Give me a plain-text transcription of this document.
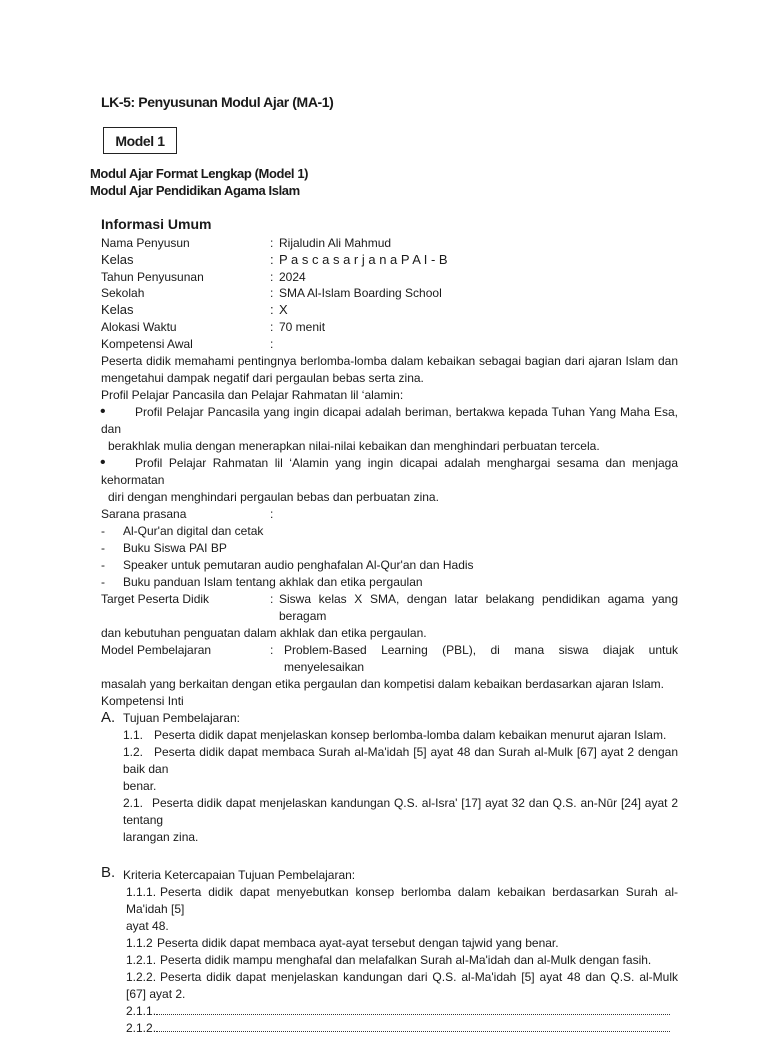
LK-5: Penyusunan Modul Ajar (MA-1)
Model 1
Modul Ajar Format Lengkap (Model 1)
Modul Ajar Pendidikan Agama Islam
Informasi Umum
Nama Penyusun	: Rijaludin Ali Mahmud
Kelas	: P a s c a s a r j a n a P A I - B
Tahun Penyusunan	: 2024
Sekolah	: SMA Al-Islam Boarding School
Kelas	: X
Alokasi Waktu	: 70 menit
Kompetensi Awal	:

Peserta didik memahami pentingnya berlomba-lomba dalam kebaikan sebagai bagian dari ajaran Islam dan mengetahui dampak negatif dari pergaulan bebas serta zina.

Profil Pelajar Pancasila dan Pelajar Rahmatan lil ‘alamin:

•	Profil Pelajar Pancasila yang ingin dicapai adalah beriman, bertakwa kepada Tuhan Yang Maha Esa, dan
berakhlak mulia dengan menerapkan nilai-nilai kebaikan dan menghindari perbuatan tercela.
•	Profil Pelajar Rahmatan lil ‘Alamin yang ingin dicapai adalah menghargai sesama dan menjaga kehormatan
diri dengan menghindari pergaulan bebas dan perbuatan zina.
Sarana prasana	:
- Al-Qur'an digital dan cetak
- Buku Siswa PAI BP
- Speaker untuk pemutaran audio penghafalan Al-Qur'an dan Hadis
- Buku panduan Islam tentang akhlak dan etika pergaulan
Target Peserta Didik	: Siswa kelas X SMA, dengan latar belakang pendidikan agama yang beragam

dan kebutuhan penguatan dalam akhlak dan etika pergaulan.

Model Pembelajaran	: Problem-Based Learning (PBL), di mana siswa diajak untuk menyelesaikan

masalah yang berkaitan dengan etika pergaulan dan kompetisi dalam kebaikan berdasarkan ajaran Islam.

Kompetensi Inti

A. Tujuan Pembelajaran:
1.1. Peserta didik dapat menjelaskan konsep berlomba-lomba dalam kebaikan menurut ajaran Islam.
1.2. Peserta didik dapat membaca Surah al-Ma'idah [5] ayat 48 dan Surah al-Mulk [67] ayat 2 dengan baik dan
benar.
2.1. Peserta didik dapat menjelaskan kandungan Q.S. al-Isra' [17] ayat 32 dan Q.S. an-Nūr [24] ayat 2 tentang
larangan zina.
B. Kriteria Ketercapaian Tujuan Pembelajaran:
1.1.1. Peserta didik dapat menyebutkan konsep berlomba dalam kebaikan berdasarkan Surah al-Ma'idah [5]
ayat 48.
1.1.2 Peserta didik dapat membaca ayat-ayat tersebut dengan tajwid yang benar.
1.2.1. Peserta didik mampu menghafal dan melafalkan Surah al-Ma'idah dan al-Mulk dengan fasih.
1.2.2. Peserta didik dapat menjelaskan kandungan dari Q.S. al-Ma'idah [5] ayat 48 dan Q.S. al-Mulk [67] ayat 2.
2.1.1.
2.1.2.
